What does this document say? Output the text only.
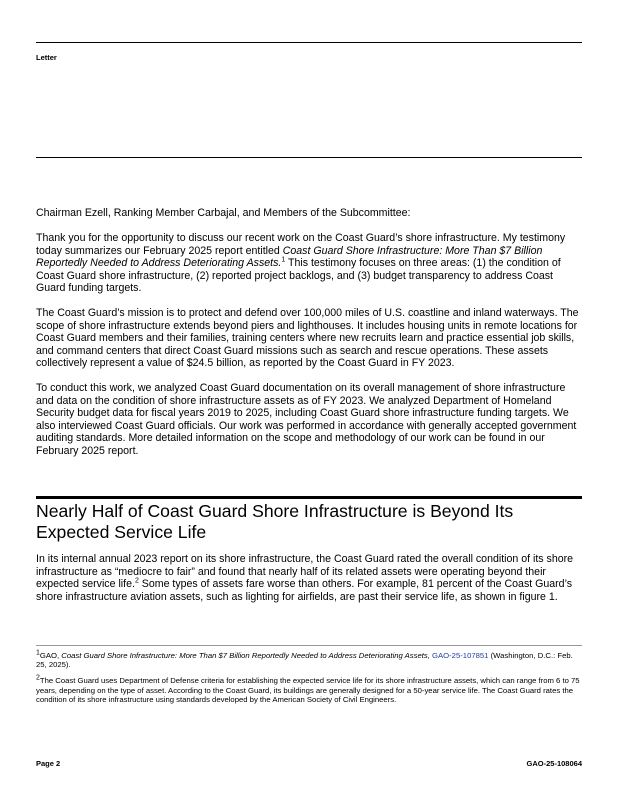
Letter

Chairman Ezell, Ranking Member Carbajal, and Members of the Subcommittee:

Thank you for the opportunity to discuss our recent work on the Coast Guard’s shore infrastructure. My testimony today summarizes our February 2025 report entitled Coast Guard Shore Infrastructure: More Than $7 Billion Reportedly Needed to Address Deteriorating Assets.$^1$ This testimony focuses on three areas: (1) the condition of Coast Guard shore infrastructure, (2) reported project backlogs, and (3) budget transparency to address Coast Guard funding targets.

The Coast Guard’s mission is to protect and defend over 100,000 miles of U.S. coastline and inland waterways. The scope of shore infrastructure extends beyond piers and lighthouses. It includes housing units in remote locations for Coast Guard members and their families, training centers where new recruits learn and practice essential job skills, and command centers that direct Coast Guard missions such as search and rescue operations. These assets collectively represent a value of $24.5 billion, as reported by the Coast Guard in FY 2023.

To conduct this work, we analyzed Coast Guard documentation on its overall management of shore infrastructure and data on the condition of shore infrastructure assets as of FY 2023. We analyzed Department of Homeland Security budget data for fiscal years 2019 to 2025, including Coast Guard shore infrastructure funding targets. We also interviewed Coast Guard officials. Our work was performed in accordance with generally accepted government auditing standards. More detailed information on the scope and methodology of our work can be found in our February 2025 report.

Nearly Half of Coast Guard Shore Infrastructure is Beyond Its Expected Service Life
In its internal annual 2023 report on its shore infrastructure, the Coast Guard rated the overall condition of its shore infrastructure as “mediocre to fair” and found that nearly half of its related assets were operating beyond their expected service life.$^2$ Some types of assets fare worse than others. For example, 81 percent of the Coast Guard’s shore infrastructure aviation assets, such as lighting for airfields, are past their service life, as shown in figure 1.

$^1$GAO, Coast Guard Shore Infrastructure: More Than $7 Billion Reportedly Needed to Address Deteriorating Assets, GAO-25-107851 (Washington, D.C.: Feb. 25, 2025).

$^2$The Coast Guard uses Department of Defense criteria for establishing the expected service life for its shore infrastructure assets, which can range from 6 to 75 years, depending on the type of asset. According to the Coast Guard, its buildings are generally designed for a 50-year service life. The Coast Guard rates the condition of its shore infrastructure using standards developed by the American Society of Civil Engineers.

Page 2	GAO-25-108064
